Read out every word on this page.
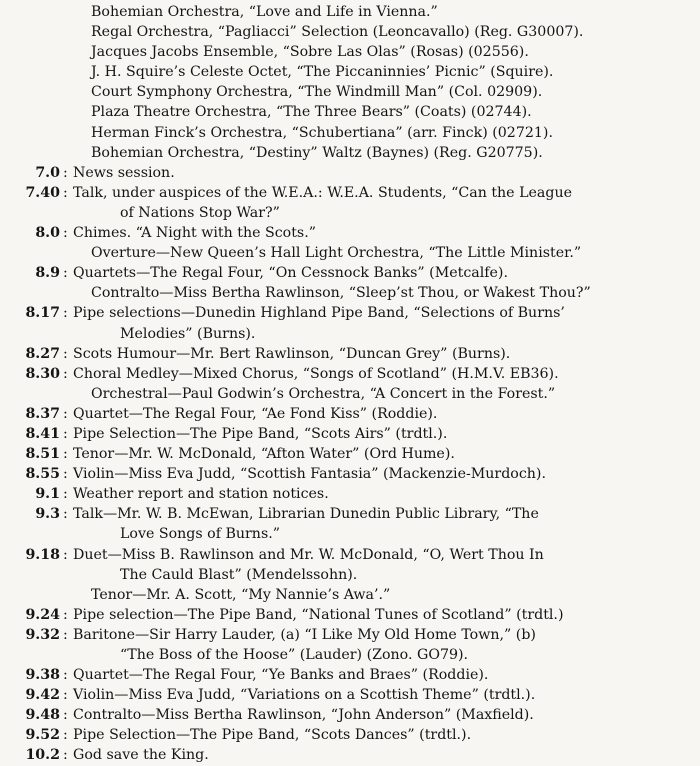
Bohemian Orchestra, “Love and Life in Vienna.”
Regal Orchestra, “Pagliacci” Selection (Leoncavallo) (Reg. G30007).
Jacques Jacobs Ensemble, “Sobre Las Olas” (Rosas) (02556).
J. H. Squire’s Celeste Octet, “The Piccaninnies’ Picnic” (Squire).
Court Symphony Orchestra, “The Windmill Man” (Col. 02909).
Plaza Theatre Orchestra, “The Three Bears” (Coats) (02744).
Herman Finck’s Orchestra, “Schubertiana” (arr. Finck) (02721).
Bohemian Orchestra, “Destiny” Waltz (Baynes) (Reg. G20775).
7.0 : News session.
7.40 : Talk, under auspices of the W.E.A.: W.E.A. Students, “Can the League
of Nations Stop War?”
8.0 : Chimes. “A Night with the Scots.”
Overture—New Queen’s Hall Light Orchestra, “The Little Minister.”
8.9 : Quartets—The Regal Four, “On Cessnock Banks” (Metcalfe).
Contralto—Miss Bertha Rawlinson, “Sleep’st Thou, or Wakest Thou?”
8.17 : Pipe selections—Dunedin Highland Pipe Band, “Selections of Burns’
Melodies” (Burns).
8.27 : Scots Humour—Mr. Bert Rawlinson, “Duncan Grey” (Burns).
8.30 : Choral Medley—Mixed Chorus, “Songs of Scotland” (H.M.V. EB36).
Orchestral—Paul Godwin’s Orchestra, “A Concert in the Forest.”
8.37 : Quartet—The Regal Four, “Ae Fond Kiss” (Roddie).
8.41 : Pipe Selection—The Pipe Band, “Scots Airs” (trdtl.).
8.51 : Tenor—Mr. W. McDonald, “Afton Water” (Ord Hume).
8.55 : Violin—Miss Eva Judd, “Scottish Fantasia” (Mackenzie-Murdoch).
9.1 : Weather report and station notices.
9.3 : Talk—Mr. W. B. McEwan, Librarian Dunedin Public Library, “The
Love Songs of Burns.”
9.18 : Duet—Miss B. Rawlinson and Mr. W. McDonald, “O, Wert Thou In
The Cauld Blast” (Mendelssohn).
Tenor—Mr. A. Scott, “My Nannie’s Awa’.”
9.24 : Pipe selection—The Pipe Band, “National Tunes of Scotland” (trdtl.)
9.32 : Baritone—Sir Harry Lauder, (a) “I Like My Old Home Town,” (b)
“The Boss of the Hoose” (Lauder) (Zono. GO79).
9.38 : Quartet—The Regal Four, “Ye Banks and Braes” (Roddie).
9.42 : Violin—Miss Eva Judd, “Variations on a Scottish Theme” (trdtl.).
9.48 : Contralto—Miss Bertha Rawlinson, “John Anderson” (Maxfield).
9.52 : Pipe Selection—The Pipe Band, “Scots Dances” (trdtl.).
10.2 : God save the King.
